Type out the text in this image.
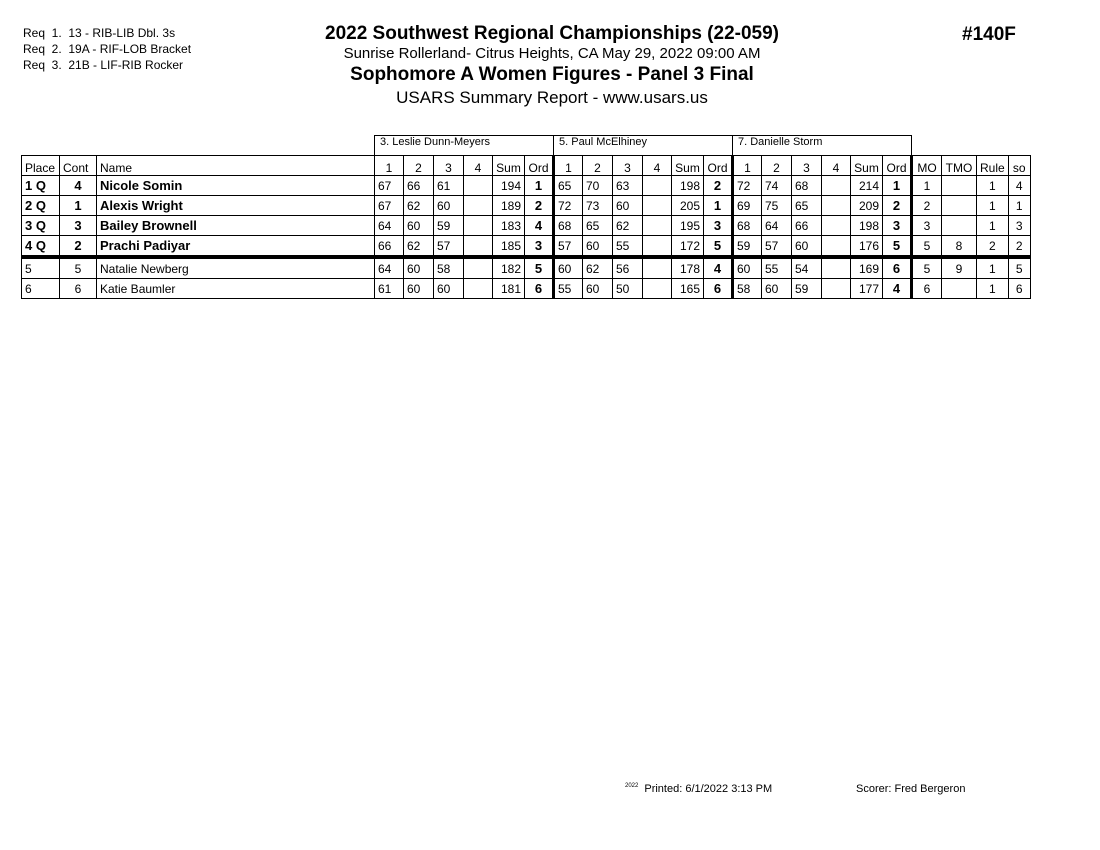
Req  1.  13 - RIB-LIB Dbl. 3s
Req  2.  19A - RIF-LOB Bracket
Req  3.  21B - LIF-RIB Rocker
2022 Southwest Regional Championships (22-059)
Sunrise Rollerland- Citrus Heights, CA May 29, 2022 09:00 AM
Sophomore A Women Figures - Panel 3 Final
USARS Summary Report - www.usars.us
#140F
			3. Leslie Dunn-Meyers						5. Paul McElhiney						7. Danielle Storm									
Place	Cont	Name	1	2	3	4	Sum	Ord	1	2	3	4	Sum	Ord	1	2	3	4	Sum	Ord	MO	TMO	Rule	so
1 Q	4	Nicole Somin	67	66	61		194	1	65	70	63		198	2	72	74	68		214	1	1		1	4
2 Q	1	Alexis Wright	67	62	60		189	2	72	73	60		205	1	69	75	65		209	2	2		1	1
3 Q	3	Bailey Brownell	64	60	59		183	4	68	65	62		195	3	68	64	66		198	3	3		1	3
4 Q	2	Prachi Padiyar	66	62	57		185	3	57	60	55		172	5	59	57	60		176	5	5	8	2	2
5	5	Natalie Newberg	64	60	58		182	5	60	62	56		178	4	60	55	54		169	6	5	9	1	5
6	6	Katie Baumler	61	60	60		181	6	55	60	50		165	6	58	60	59		177	4	6		1	6
$^{2022}$ Printed: 6/1/2022 3:13 PM	Scorer: Fred Bergeron
